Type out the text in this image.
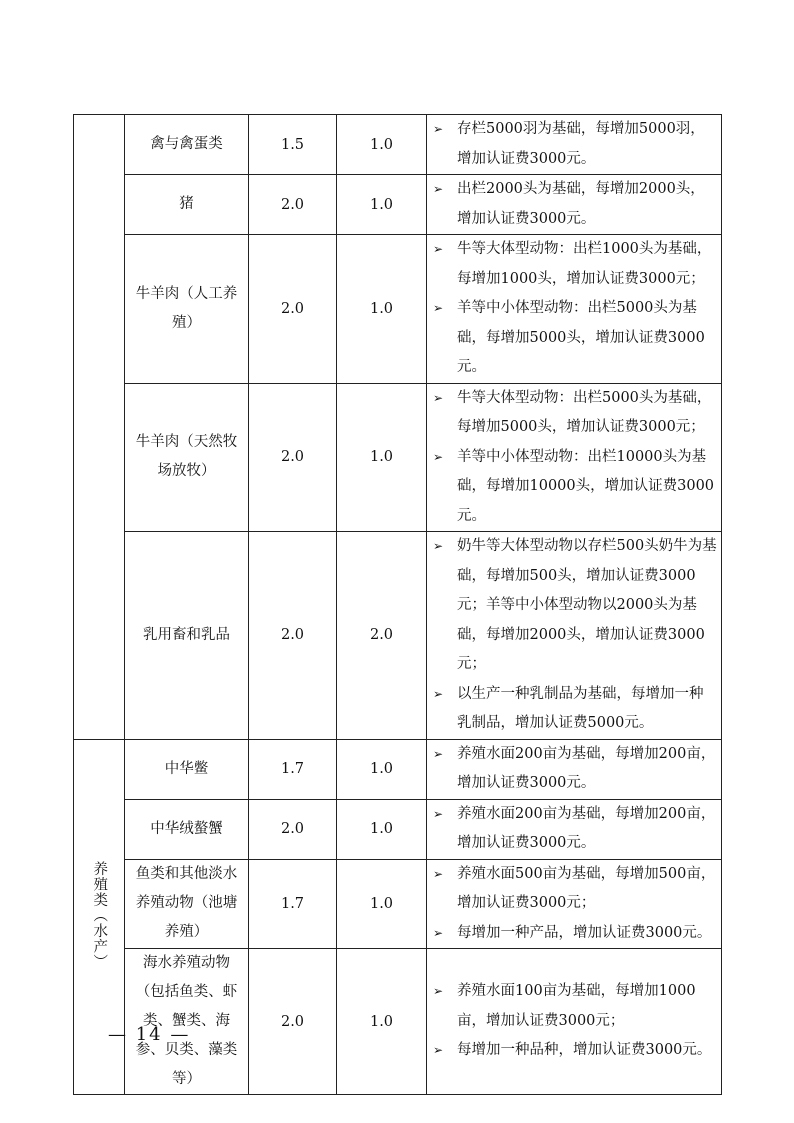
	禽与禽蛋类	1.5	1.0	➢ 存栏5000羽为基础，每增加5000羽，增加认证费3000元。

	猪	2.0	1.0	➢ 出栏2000头为基础，每增加2000头，增加认证费3000元。

	牛羊肉（人工养殖）	2.0	1.0	➢ 牛等大体型动物：出栏1000头为基础，每增加1000头，增加认证费3000元；
➢ 羊等中小体型动物：出栏5000头为基础，每增加5000头，增加认证费3000元。

	牛羊肉（天然牧场放牧）	2.0	1.0	➢ 牛等大体型动物：出栏5000头为基础，每增加5000头，增加认证费3000元；
➢ 羊等中小体型动物：出栏10000头为基础，每增加10000头，增加认证费3000元。

	乳用畜和乳品	2.0	2.0	➢ 奶牛等大体型动物以存栏500头奶牛为基础，每增加500头，增加认证费3000元；羊等中小体型动物以2000头为基础，每增加2000头，增加认证费3000元；
➢ 以生产一种乳制品为基础，每增加一种乳制品，增加认证费5000元。

养殖类（水产）	中华鳖	1.7	1.0	➢ 养殖水面200亩为基础，每增加200亩，增加认证费3000元。

	中华绒螯蟹	2.0	1.0	➢ 养殖水面200亩为基础，每增加200亩，增加认证费3000元。

	鱼类和其他淡水养殖动物（池塘养殖）	1.7	1.0	➢ 养殖水面500亩为基础，每增加500亩，增加认证费3000元；
➢ 每增加一种产品，增加认证费3000元。

	海水养殖动物（包括鱼类、虾类、蟹类、海参、贝类、藻类等）	2.0	1.0	➢ 养殖水面100亩为基础，每增加1000亩，增加认证费3000元；
➢ 每增加一种品种，增加认证费3000元。
— 14 —
